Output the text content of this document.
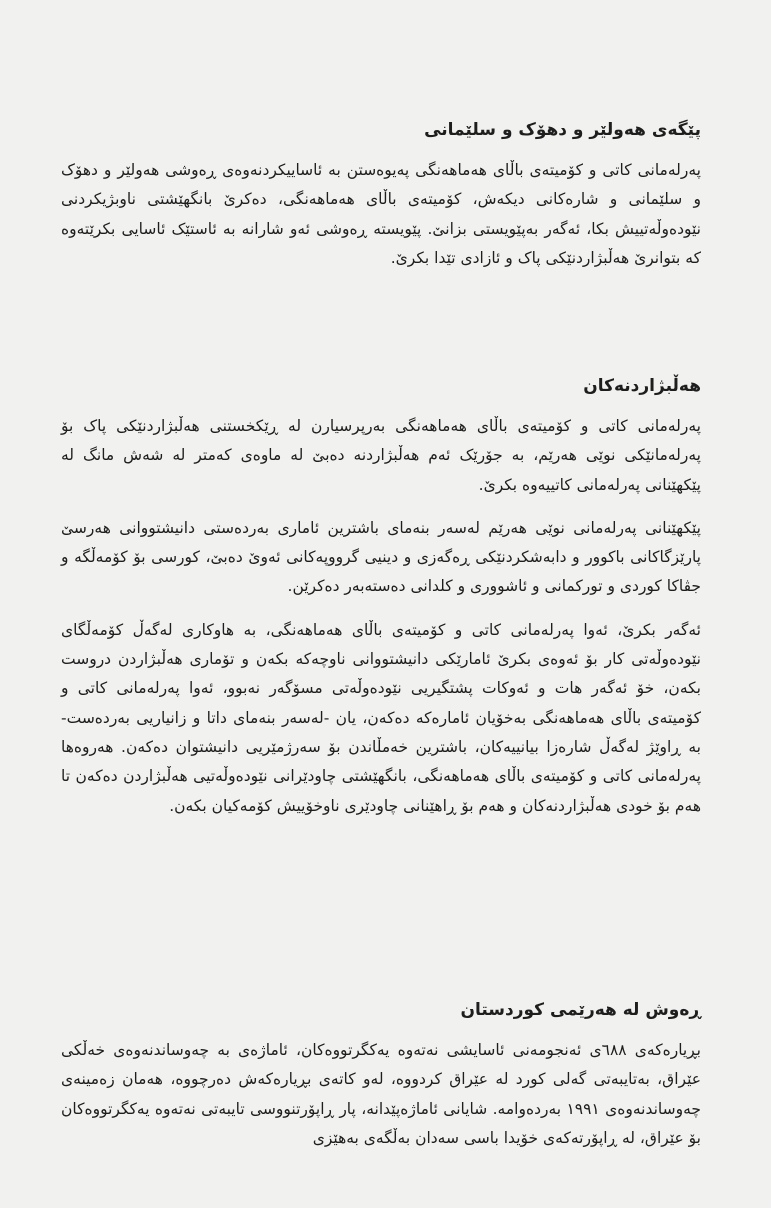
پێگەی هەولێر و دهۆک و سلێمانی

پەرلەمانی کاتی و کۆمیتەی باڵای هەماهەنگی پەیوەستن بە ئاساییکردنەوەی ڕەوشی هەولێر و دهۆک و سلێمانی و شارەکانی دیکەش، کۆمیتەی باڵای هەماهەنگی، دەکرێ بانگهێشتی ناوبژیکردنی نێودەوڵەتییش بکا، ئەگەر بەپێویستی بزانێ. پێویستە ڕەوشی ئەو شارانە بە ئاستێک ئاسایی بکرێتەوە کە بتوانرێ هەڵبژاردنێکی پاک و ئازادی تێدا بکرێ.

هەڵبژاردنەکان

پەرلەمانی کاتی و کۆمیتەی باڵای هەماهەنگی بەرپرسیارن لە ڕێکخستنی هەڵبژاردنێکی پاک بۆ پەرلەمانێکی نوێی هەرێم، بە جۆرێک ئەم هەڵبژاردنە دەبێ لە ماوەی کەمتر لە شەش مانگ لە پێکهێنانی پەرلەمانی کاتییەوە بکرێ.

پێکهێنانی پەرلەمانی نوێی هەرێم لەسەر بنەمای باشترین ئاماری بەردەستی دانیشتووانی هەرسێ پارێزگاکانی باکوور و دابەشکردنێکی ڕەگەزی و دینیی گرووپەکانی ئەوێ دەبێ، کورسی بۆ کۆمەڵگە و جڤاکا کوردی و تورکمانی و ئاشووری و کلدانی دەستەبەر دەکرێن.

ئەگەر بکرێ، ئەوا پەرلەمانی کاتی و کۆمیتەی باڵای هەماهەنگی، بە هاوکاری لەگەڵ کۆمەڵگای نێودەوڵەتی کار بۆ ئەوەی بکرێ ئامارێکی دانیشتووانی ناوچەکە بکەن و تۆماری هەڵبژاردن دروست بکەن، خۆ ئەگەر هات و ئەوکات پشتگیریی نێودەوڵەتی مسۆگەر نەبوو، ئەوا پەرلەمانی کاتی و کۆمیتەی باڵای هەماهەنگی بەخۆیان ئامارەکە دەکەن، یان -لەسەر بنەمای داتا و زانیاریی بەردەست- بە ڕاوێژ لەگەڵ شارەزا بیانییەکان، باشترین خەمڵاندن بۆ سەرژمێریی دانیشتوان دەکەن. هەروەها پەرلەمانی کاتی و کۆمیتەی باڵای هەماهەنگی، بانگهێشتی چاودێرانی نێودەوڵەتیی هەڵبژاردن دەکەن تا هەم بۆ خودی هەڵبژاردنەکان و هەم بۆ ڕاهێنانی چاودێری ناوخۆییش کۆمەکیان بکەن.

ڕەوش لە هەرێمی کوردستان

بڕیارەکەی ٦٨٨ی ئەنجومەنی ئاسایشی نەتەوە یەکگرتووەکان، ئاماژەی بە چەوساندنەوەی خەڵکی عێراق، بەتایبەتی گەلی کورد لە عێراق کردووە، لەو کاتەی بڕیارەکەش دەرچووە، هەمان زەمینەی چەوساندنەوەی ١٩٩١ بەردەوامە. شایانی ئاماژەپێدانە، پار ڕاپۆرتنووسی تایبەتی نەتەوە یەکگرتووەکان بۆ عێراق، لە ڕاپۆرتەکەی خۆیدا باسی سەدان بەڵگەی بەهێزی
